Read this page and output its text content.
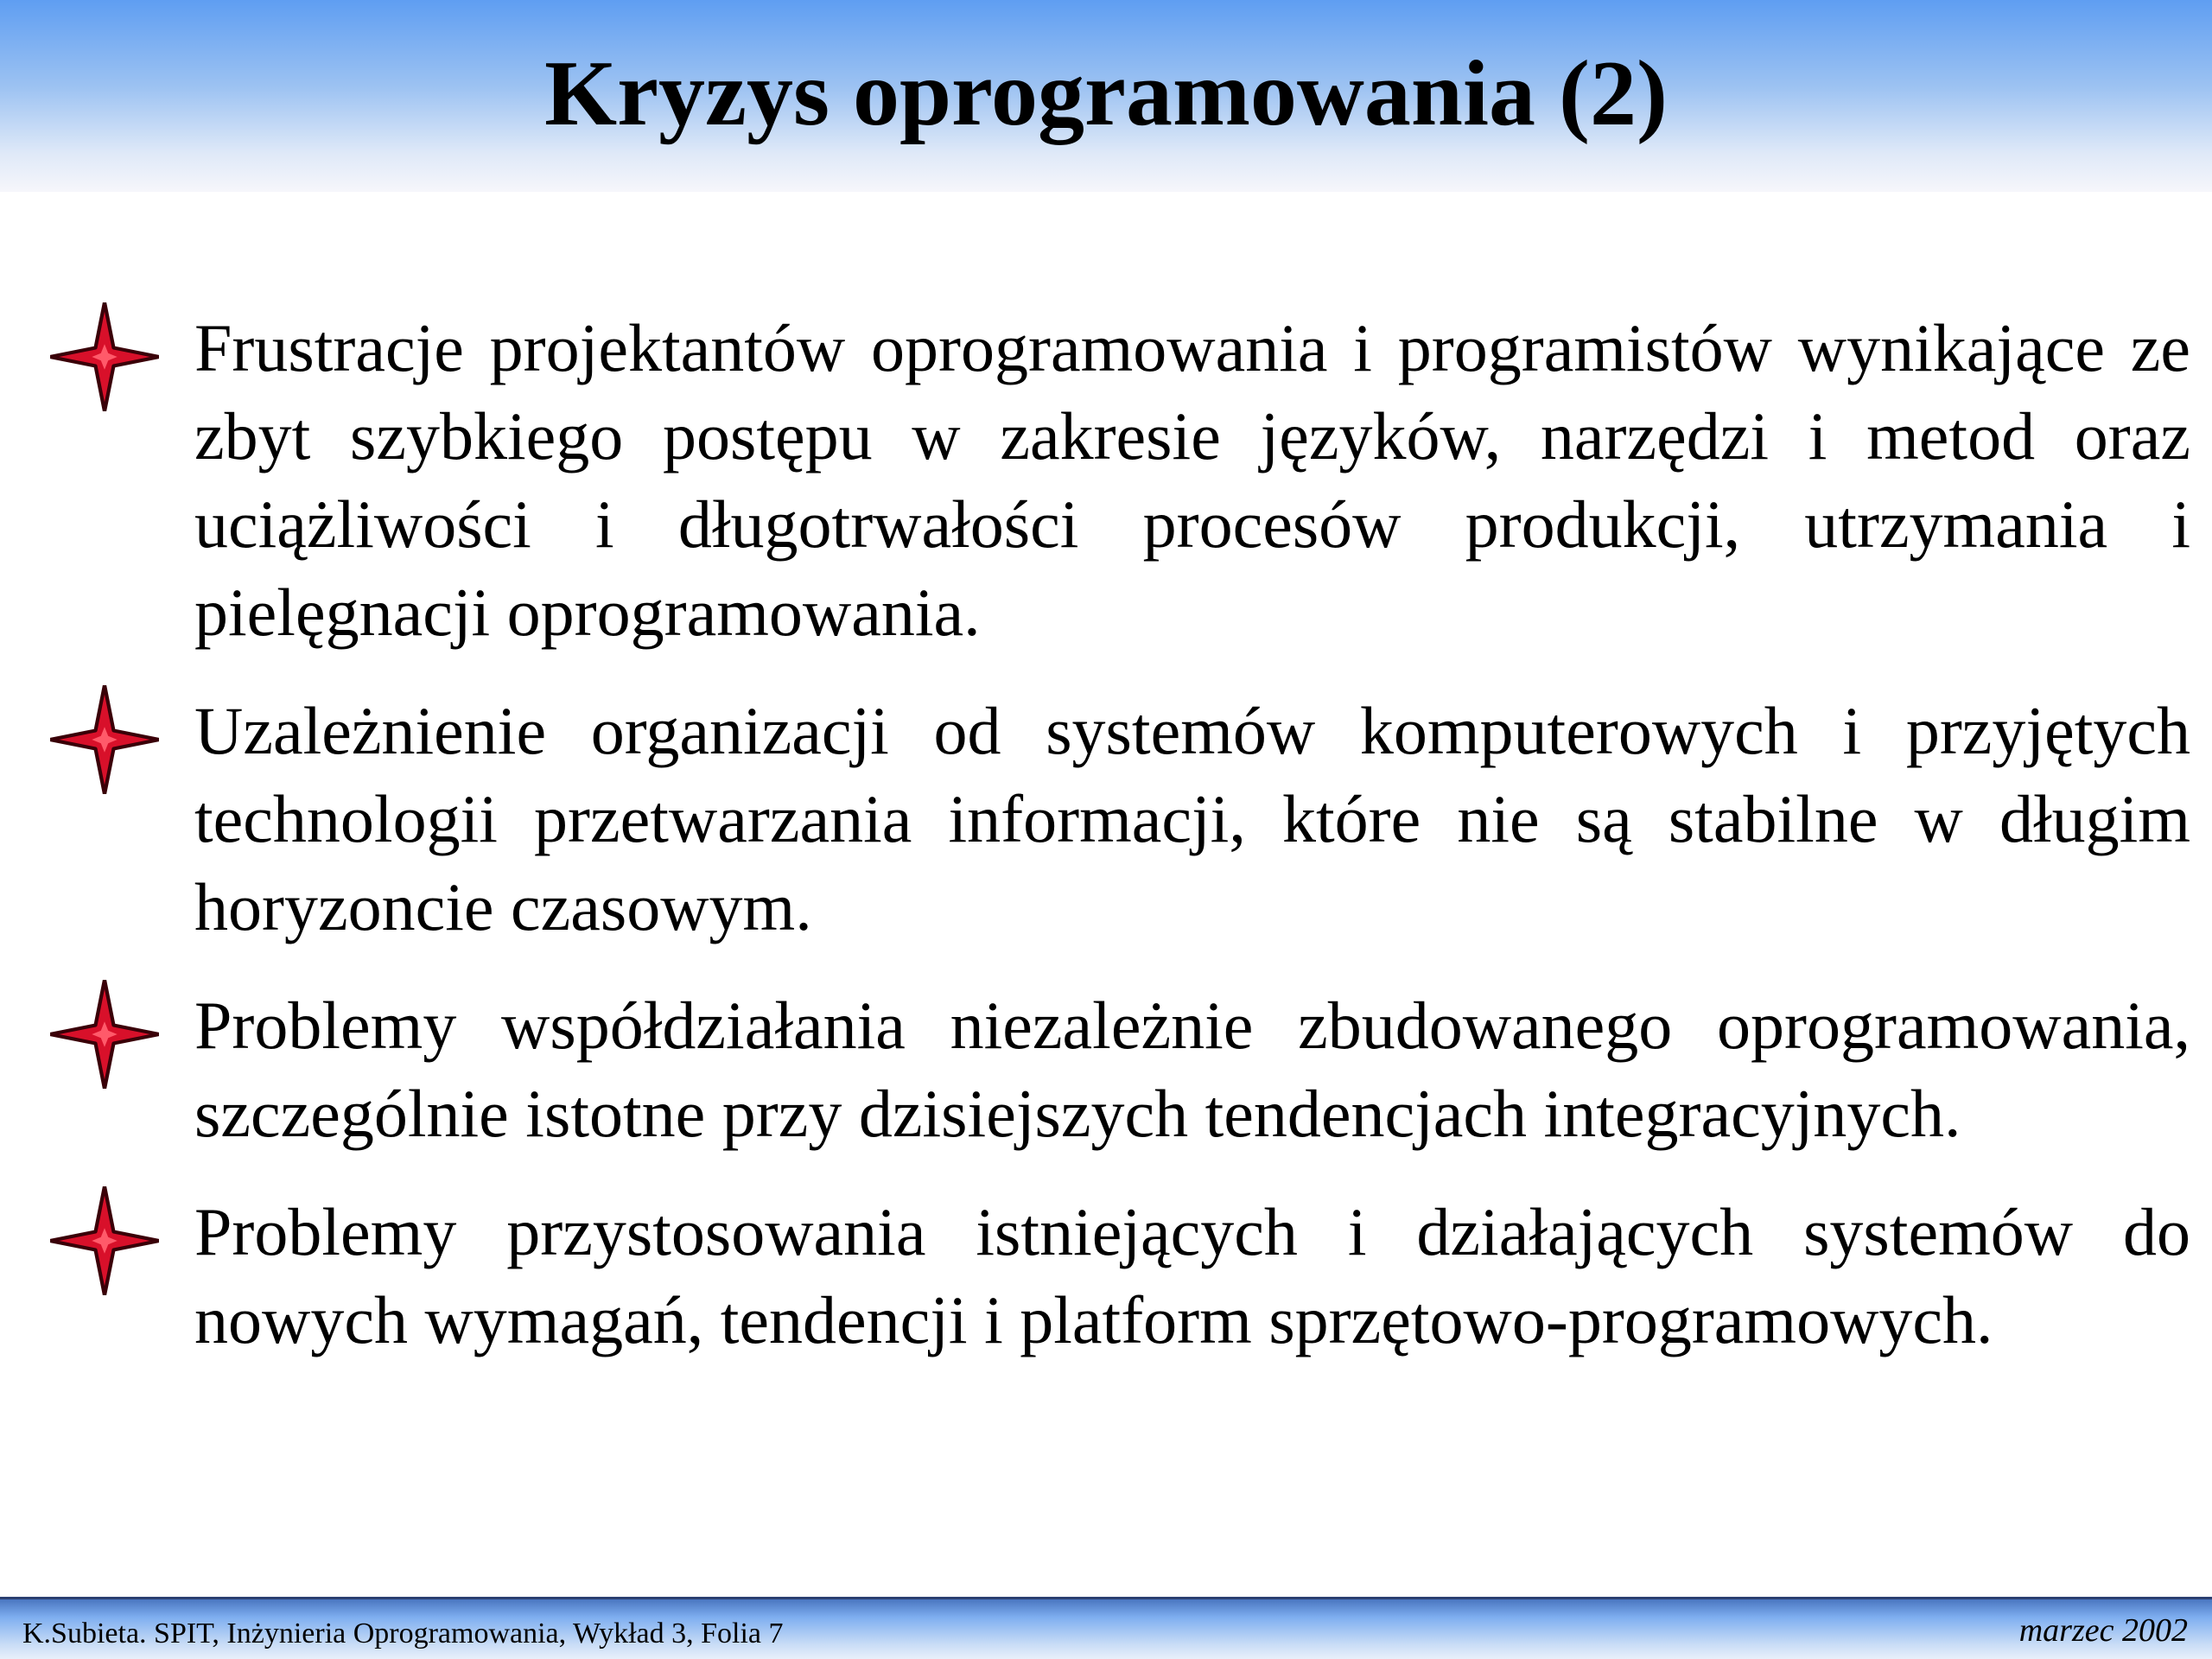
Kryzys oprogramowania (2)
Frustracje projektantów oprogramowania i programistów wynikające ze zbyt szybkiego postępu w zakresie języków, narzędzi i metod oraz uciążliwości i długotrwałości procesów produkcji, utrzymania i pielęgnacji oprogramowania.
Uzależnienie organizacji od systemów komputerowych i przyjętych technologii przetwarzania informacji, które nie są stabilne w długim horyzoncie czasowym.
Problemy współdziałania niezależnie zbudowanego oprogramowania, szczególnie istotne przy dzisiejszych tendencjach integracyjnych.
Problemy przystosowania istniejących i działających systemów do nowych wymagań, tendencji i platform sprzętowo-programowych.
K.Subieta. SPIT, Inżynieria Oprogramowania, Wykład 3, Folia 7	marzec 2002
